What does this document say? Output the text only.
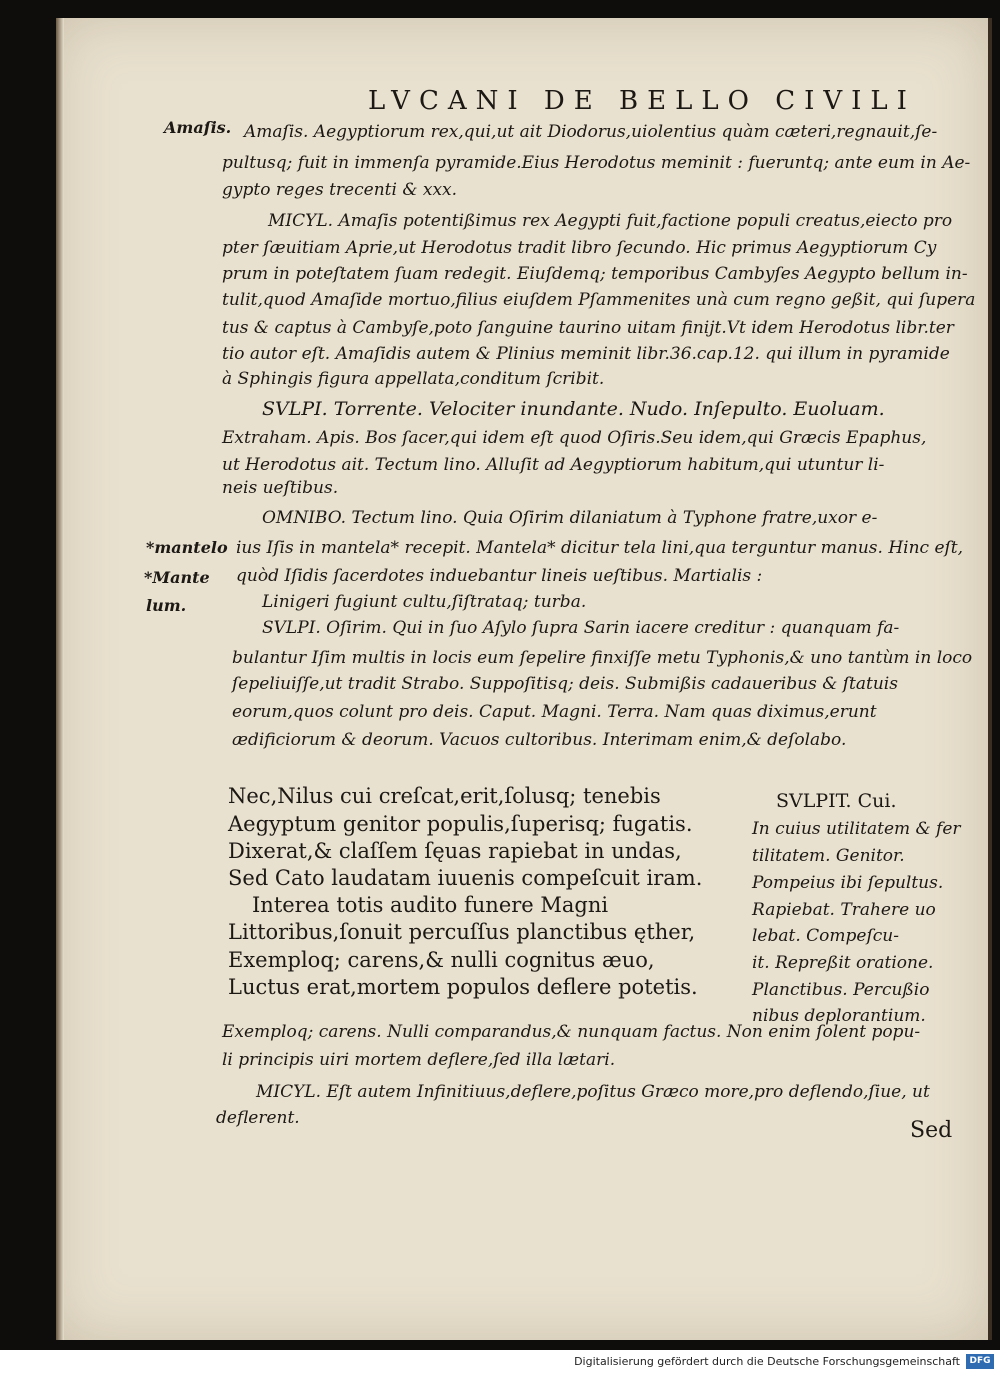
LVCANI DE BELLO CIVILI
Amaſis.
*mantelo
*Mante
lum.
Amaſis. Aegyptiorum rex,qui,ut ait Diodorus,uiolentius quàm cæteri,regnauit,ſe-
pultusq; fuit in immenſa pyramide.Eius Herodotus meminit : fueruntq; ante eum in Ae-
gypto reges trecenti & xxx.
MICYL. Amaſis potentißimus rex Aegypti fuit,factione populi creatus,eiecto pro
pter ſæuitiam Aprie,ut Herodotus tradit libro ſecundo. Hic primus Aegyptiorum Cy
prum in poteſtatem ſuam redegit. Eiuſdemq; temporibus Cambyſes Aegypto bellum in-
tulit,quod Amaſide mortuo,filius eiuſdem Pſammenites unà cum regno geßit, qui ſupera
tus & captus à Cambyſe,poto ſanguine taurino uitam finijt.Vt idem Herodotus libr.ter
tio autor eſt. Amaſidis autem & Plinius meminit libr.36.cap.12. qui illum in pyramide
à Sphingis figura appellata,conditum ſcribit.
SVLPI. Torrente. Velociter inundante. Nudo. Inſepulto. Euoluam.
Extraham. Apis. Bos ſacer,qui idem eſt quod Oſiris.Seu idem,qui Græcis Epaphus,
ut Herodotus ait. Tectum lino. Alluſit ad Aegyptiorum habitum,qui utuntur li-
neis ueſtibus.
OMNIBO. Tectum lino. Quia Oſirim dilaniatum à Typhone fratre,uxor e-
ius Iſis in mantela* recepit. Mantela* dicitur tela lini,qua terguntur manus. Hinc eſt,
quòd Iſidis ſacerdotes induebantur lineis ueſtibus. Martialis :
Linigeri fugiunt cultu,ſiſtrataq; turba.
SVLPI. Oſirim. Qui in ſuo Aſylo ſupra Sarin iacere creditur : quanquam fa-
bulantur Iſim multis in locis eum ſepelire finxiſſe metu Typhonis,& uno tantùm in loco
ſepeliuiſſe,ut tradit Strabo. Suppoſitisq; deis. Submißis cadaueribus & ſtatuis
eorum,quos colunt pro deis. Caput. Magni. Terra. Nam quas diximus,erunt
ædificiorum & deorum. Vacuos cultoribus. Interimam enim,& deſolabo.
Nec,Nilus cui creſcat,erit,ſolusq; tenebis
Aegyptum genitor populis,ſuperisq; fugatis.
Dixerat,& claſſem ſęuas rapiebat in undas,
Sed Cato laudatam iuuenis compeſcuit iram.
Interea totis audito funere Magni
Littoribus,ſonuit percuſſus planctibus ęther,
Exemploq; carens,& nulli cognitus æuo,
Luctus erat,mortem populos deflere potetis.
SVLPIT. Cui.
In cuius utilitatem & fer
tilitatem. Genitor.
Pompeius ibi ſepultus.
Rapiebat. Trahere uo
lebat. Compeſcu-
it. Repreßit oratione.
Planctibus. Percußio
nibus deplorantium.
Exemploq; carens. Nulli comparandus,& nunquam factus. Non enim ſolent popu-
li principis uiri mortem deflere,ſed illa lætari.
MICYL. Eſt autem Infinitiuus,deflere,poſitus Græco more,pro deflendo,ſiue, ut
deflerent.	Sed
Digitalisierung gefördert durch die Deutsche Forschungsgemeinschaft	DFG
